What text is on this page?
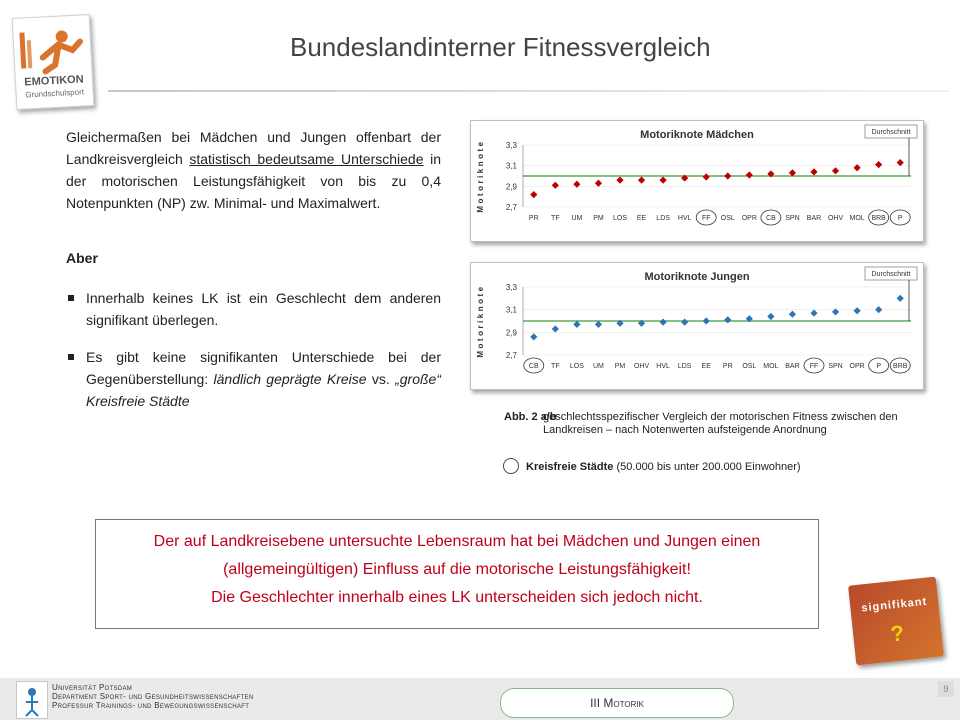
EMOTIKON
Grundschulsport
Bundeslandinterner Fitnessvergleich
Gleichermaßen bei Mädchen und Jungen offenbart der Landkreisvergleich statistisch bedeutsame Unterschiede in der motorischen Leistungsfähigkeit von bis zu 0,4 Notenpunkten (NP) zw. Minimal- und Maximalwert.
Aber
Innerhalb keines LK ist ein Geschlecht dem anderen signifikant überlegen.
Es gibt keine signifikanten Unterschiede bei der Gegenüberstellung: ländlich geprägte Kreise vs. „große“ Kreisfreie Städte
Motoriknote Mädchen	Durchschnitt
Motoriknote	3,3
3,1
2,9
2,7
PR TF UM PM LOS EE LDS HVL FF OSL OPR CB SPN BAR OHV MOL BRB P
Motoriknote Jungen	Durchschnitt
Motoriknote	3,3
3,1
2,9
2,7
CB TF LOS UM PM OHV HVL LDS EE PR OSL MOL BAR FF SPN OPR P BRB
Abb. 2 a/b
geschlechtsspezifischer Vergleich der motorischen Fitness zwischen den Landkreisen – nach Notenwerten aufsteigende Anordnung
Kreisfreie Städte (50.000 bis unter 200.000 Einwohner)
Der auf Landkreisebene untersuchte Lebensraum hat bei Mädchen und Jungen einen
(allgemeingültigen) Einfluss auf die motorische Leistungsfähigkeit!
Die Geschlechter innerhalb eines LK unterscheiden sich jedoch nicht.	signifikant
?
Universität Potsdam
Department Sport- und Gesundheitswissenschaften
Professur Trainings- und Bewegungswissenschaft	III Motorik
9
